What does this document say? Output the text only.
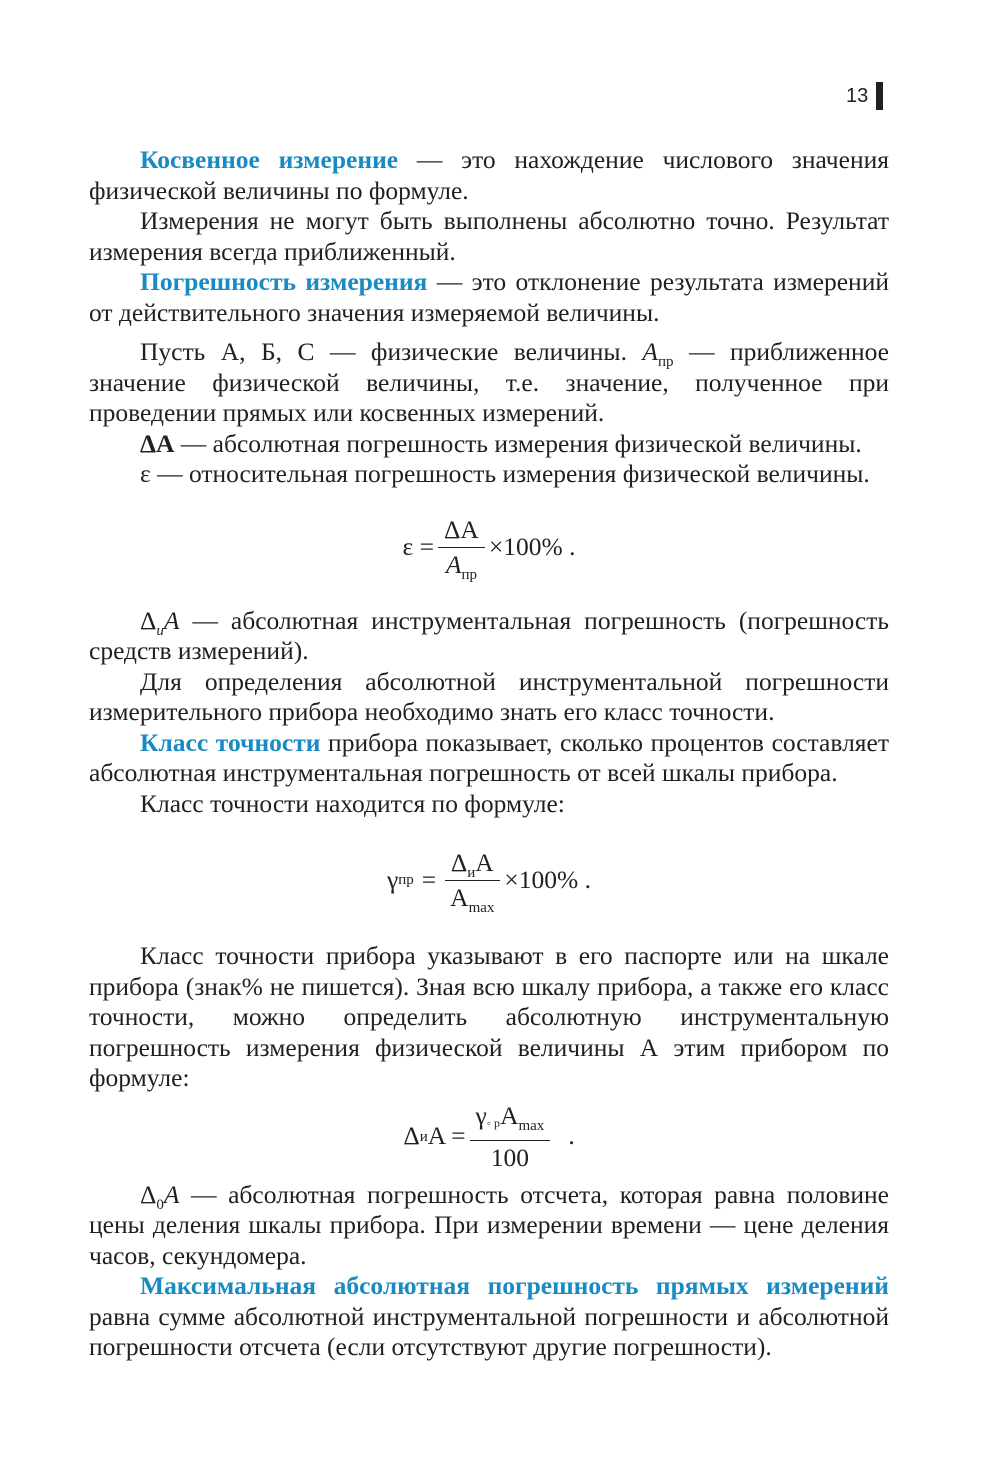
13

Косвенное измерение — это нахождение числового значения физической величины по формуле.

Измерения не могут быть выполнены абсолютно точно. Результат измерения всегда приближенный.

Погрешность измерения — это отклонение результата измерений от действительного значения измеряемой величины.

Пусть А, Б, С — физические величины. $A_{пр}$ — приближенное значение физической величины, т.е. значение, полученное при проведении прямых или косвенных измерений.

ΔA — абсолютная погрешность измерения физической величины.

ε — относительная погрешность измерения физической величины.

$\varepsilon = \frac{\Delta A}{A_{пр}} \times 100\%$ .

$\Delta_иA$ — абсолютная инструментальная погрешность (погрешность средств измерений).

Для определения абсолютной инструментальной погрешности измерительного прибора необходимо знать его класс точности.

Класс точности прибора показывает, сколько процентов составляет абсолютная инструментальная погрешность от всей шкалы прибора.

Класс точности находится по формуле:

γ пр = $\frac{\Delta_иA}{A_{max}} \times 100\%$ .

Класс точности прибора указывают в его паспорте или на шкале прибора (знак% не пишется). Зная всю шкалу прибора, а также его класс точности, можно определить абсолютную инструментальную погрешность измерения физической величины А этим прибором по формуле:

Δ и $A = \frac{\gamma◦ рA_{max}}{100}$ .

$\Delta_0A$ — абсолютная погрешность отсчета, которая равна половине цены деления шкалы прибора. При измерении времени — цене деления часов, секундомера.

Максимальная абсолютная погрешность прямых измерений равна сумме абсолютной инструментальной погрешности и абсолютной погрешности отсчета (если отсутствуют другие погрешности).
